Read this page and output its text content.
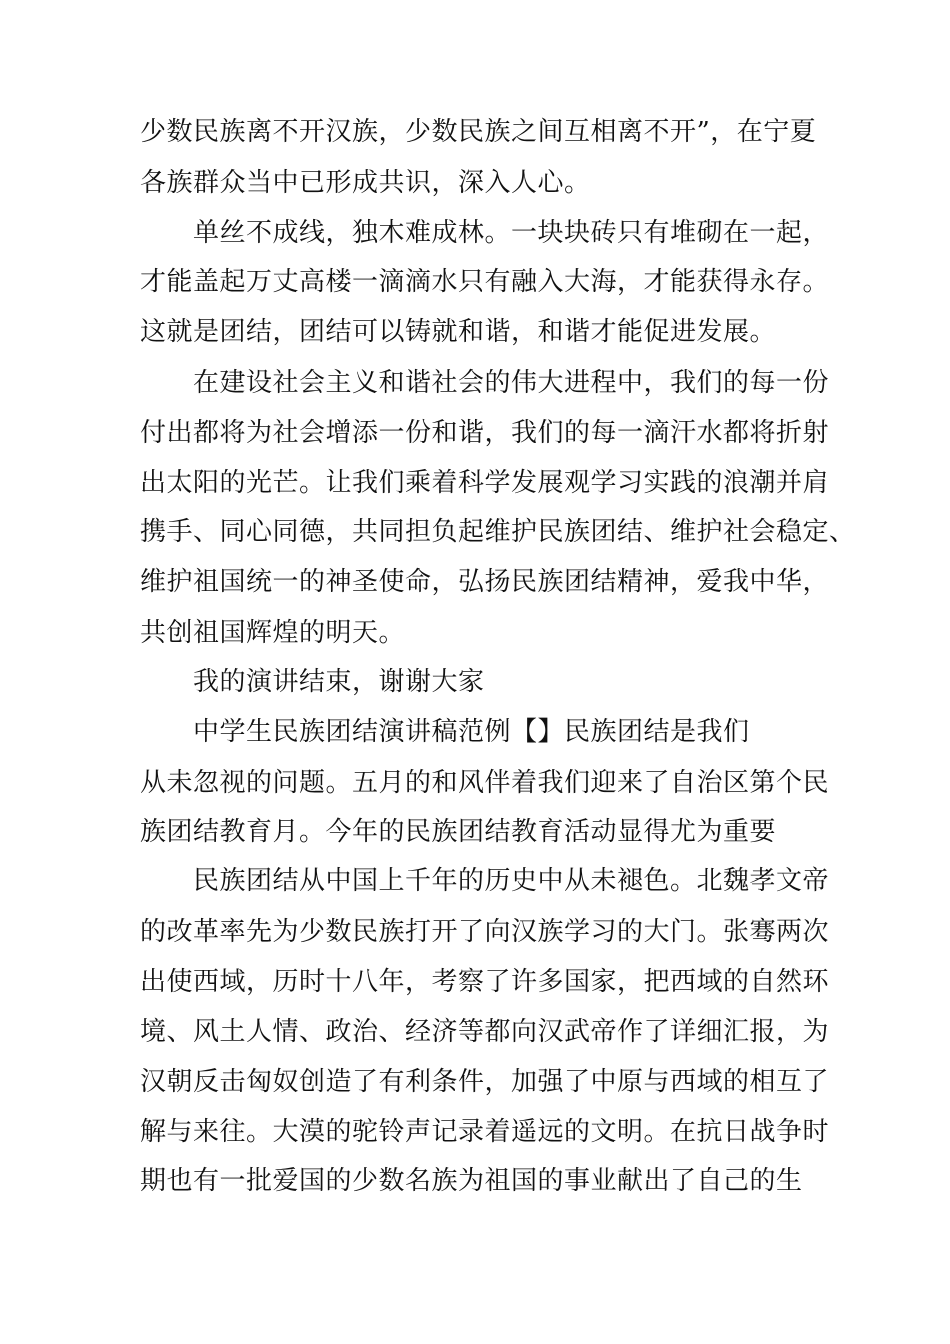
少数民族离不开汉族，少数民族之间互相离不开”，在宁夏
各族群众当中已形成共识，深入人心。
单丝不成线，独木难成林。一块块砖只有堆砌在一起，
才能盖起万丈高楼一滴滴水只有融入大海，才能获得永存。
这就是团结，团结可以铸就和谐，和谐才能促进发展。
在建设社会主义和谐社会的伟大进程中，我们的每一份
付出都将为社会增添一份和谐，我们的每一滴汗水都将折射
出太阳的光芒。让我们乘着科学发展观学习实践的浪潮并肩
携手、同心同德，共同担负起维护民族团结、维护社会稳定、
维护祖国统一的神圣使命，弘扬民族团结精神，爱我中华，
共创祖国辉煌的明天。
我的演讲结束，谢谢大家
中学生民族团结演讲稿范例【】民族团结是我们
从未忽视的问题。五月的和风伴着我们迎来了自治区第个民
族团结教育月。今年的民族团结教育活动显得尤为重要
民族团结从中国上千年的历史中从未褪色。北魏孝文帝
的改革率先为少数民族打开了向汉族学习的大门。张骞两次
出使西域，历时十八年，考察了许多国家，把西域的自然环
境、风土人情、政治、经济等都向汉武帝作了详细汇报，为
汉朝反击匈奴创造了有利条件，加强了中原与西域的相互了
解与来往。大漠的驼铃声记录着遥远的文明。在抗日战争时
期也有一批爱国的少数名族为祖国的事业献出了自己的生
